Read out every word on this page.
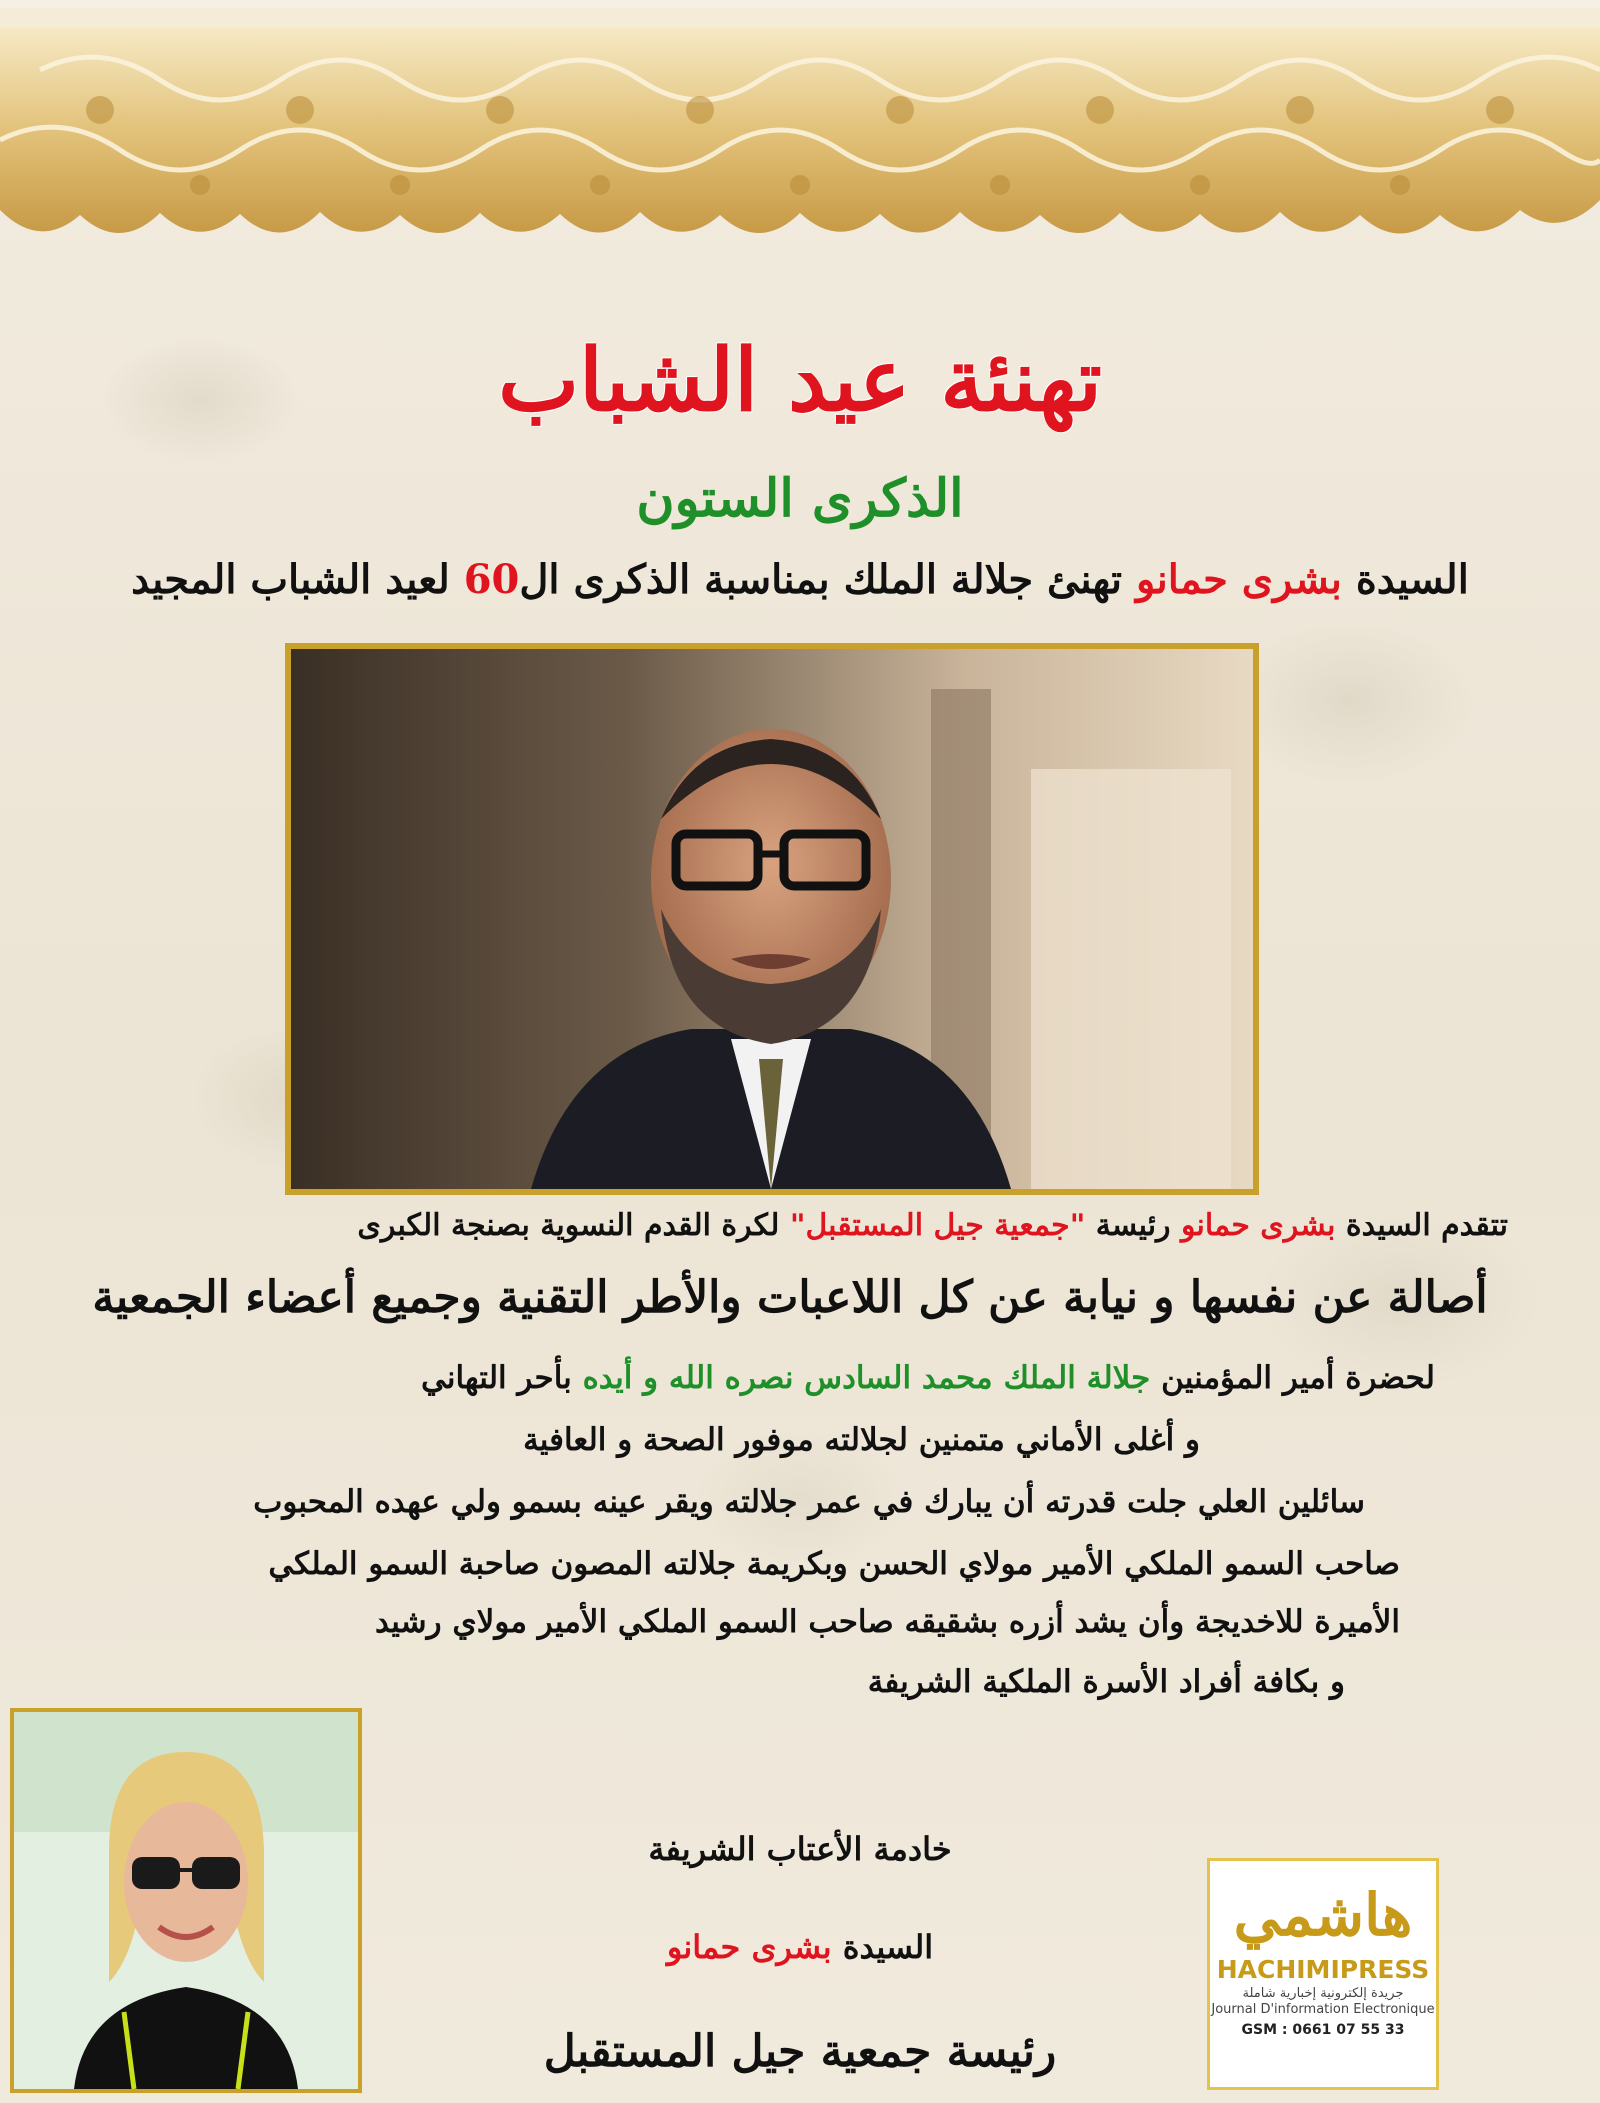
تهنئة عيد الشباب
الذكرى الستون
السيدة بشرى حمانو تهنئ جلالة الملك بمناسبة الذكرى ال60 لعيد الشباب المجيد
تتقدم السيدة بشرى حمانو رئيسة "جمعية جيل المستقبل" لكرة القدم النسوية بصنجة الكبرى
أصالة عن نفسها و نيابة عن كل اللاعبات والأطر التقنية وجميع أعضاء الجمعية
لحضرة أمير المؤمنين جلالة الملك محمد السادس نصره الله و أيده بأحر التهاني
و أغلى الأماني متمنين لجلالته موفور الصحة و العافية
سائلين العلي جلت قدرته أن يبارك في عمر جلالته ويقر عينه بسمو ولي عهده المحبوب
صاحب السمو الملكي الأمير مولاي الحسن وبكريمة جلالته المصون صاحبة السمو الملكي
الأميرة للاخديجة وأن يشد أزره بشقيقه صاحب السمو الملكي الأمير مولاي رشيد
و بكافة أفراد الأسرة الملكية الشريفة
خادمة الأعتاب الشريفة
السيدة بشرى حمانو
رئيسة جمعية جيل المستقبل
هاشمي
HACHIMIPRESS
جريدة إلكترونية إخبارية شاملة
Journal D'information Electronique
GSM : 0661 07 55 33
